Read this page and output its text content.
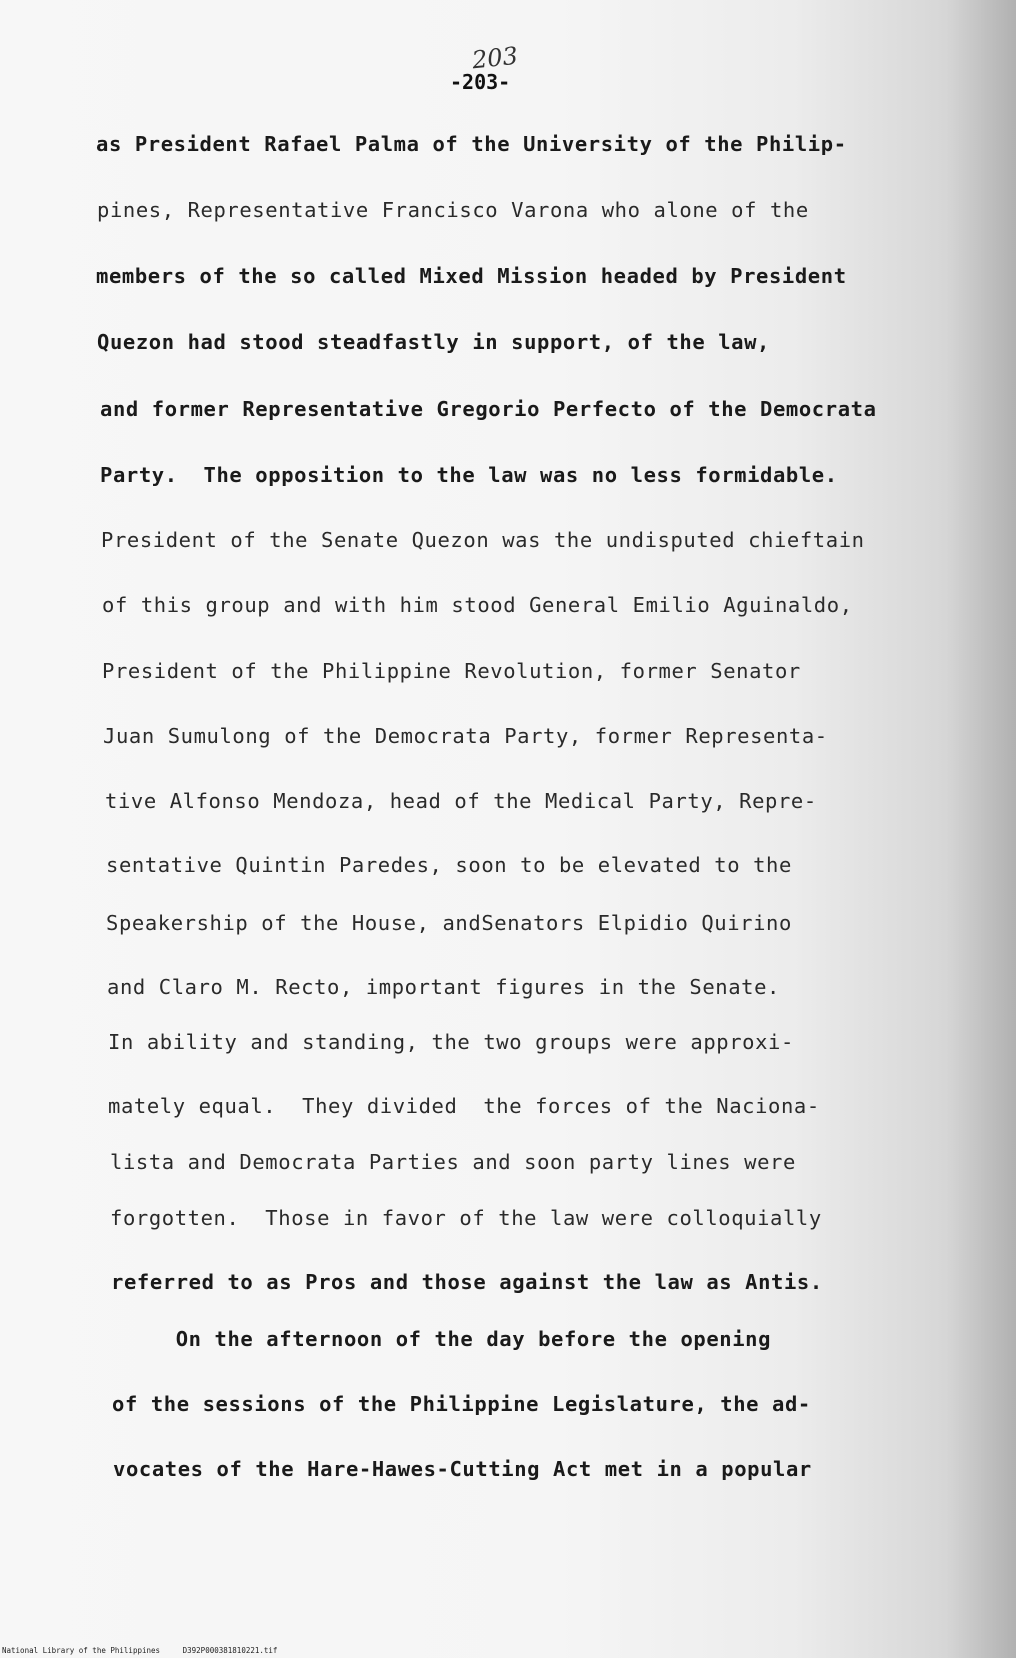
203
-203-
as President Rafael Palma of the University of the Philip-
pines, Representative Francisco Varona who alone of the
members of the so called Mixed Mission headed by President
Quezon had stood steadfastly in support, of the law,
and former Representative Gregorio Perfecto of the Democrata
Party.  The opposition to the law was no less formidable.
President of the Senate Quezon was the undisputed chieftain
of this group and with him stood General Emilio Aguinaldo,
President of the Philippine Revolution, former Senator
Juan Sumulong of the Democrata Party, former Representa-
tive Alfonso Mendoza, head of the Medical Party, Repre-
sentative Quintin Paredes, soon to be elevated to the
Speakership of the House, andSenators Elpidio Quirino
and Claro M. Recto, important figures in the Senate.
In ability and standing, the two groups were approxi-
mately equal.  They divided  the forces of the Naciona-
lista and Democrata Parties and soon party lines were
forgotten.  Those in favor of the law were colloquially
referred to as Pros and those against the law as Antis.
On the afternoon of the day before the opening
of the sessions of the Philippine Legislature, the ad-
vocates of the Hare-Hawes-Cutting Act met in a popular
National Library of the Philippines     D392P000381810221.tif
